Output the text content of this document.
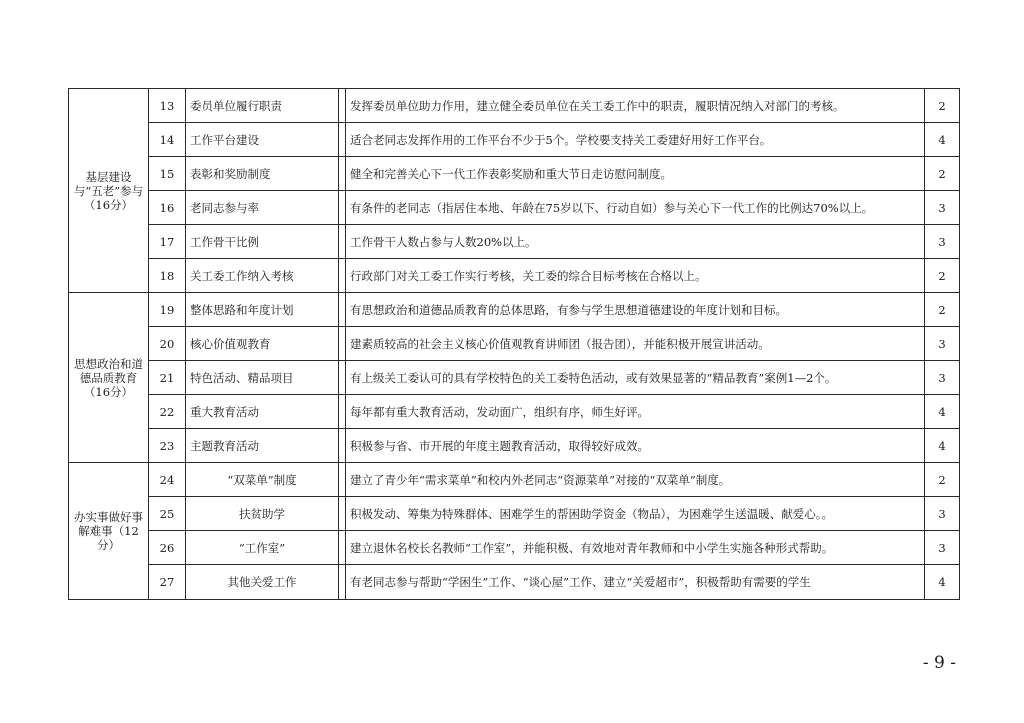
基层建设与“五老”参与（16分）	13	委员单位履行职责		发挥委员单位助力作用，建立健全委员单位在关工委工作中的职责，履职情况纳入对部门的考核。	2
	14	工作平台建设		适合老同志发挥作用的工作平台不少于5个。学校要支持关工委建好用好工作平台。	4
	15	表彰和奖励制度		健全和完善关心下一代工作表彰奖励和重大节日走访慰问制度。	2
	16	老同志参与率		有条件的老同志（指居住本地、年龄在75岁以下、行动自如）参与关心下一代工作的比例达70%以上。	3
	17	工作骨干比例		工作骨干人数占参与人数20%以上。	3
	18	关工委工作纳入考核		行政部门对关工委工作实行考核，关工委的综合目标考核在合格以上。	2
思想政治和道德品质教育（16分）	19	整体思路和年度计划		有思想政治和道德品质教育的总体思路，有参与学生思想道德建设的年度计划和目标。	2
	20	核心价值观教育		建素质较高的社会主义核心价值观教育讲师团（报告团），并能积极开展宣讲活动。	3
	21	特色活动、精品项目		有上级关工委认可的具有学校特色的关工委特色活动，或有效果显著的“精品教育”案例1—2个。	3
	22	重大教育活动		每年都有重大教育活动，发动面广，组织有序，师生好评。	4
	23	主题教育活动		积极参与省、市开展的年度主题教育活动，取得较好成效。	4
办实事做好事解难事（12分）	24	“双菜单”制度		建立了青少年“需求菜单”和校内外老同志“资源菜单”对接的“双菜单”制度。	2
	25	扶贫助学		积极发动、筹集为特殊群体、困难学生的帮困助学资金（物品），为困难学生送温暖、献爱心。。	3
	26	“工作室”		建立退休名校长名教师“工作室”，并能积极、有效地对青年教师和中小学生实施各种形式帮助。	3
	27	其他关爱工作		有老同志参与帮助“学困生”工作、“谈心屋”工作、建立“关爱超市”，积极帮助有需要的学生	4
- 9 -
